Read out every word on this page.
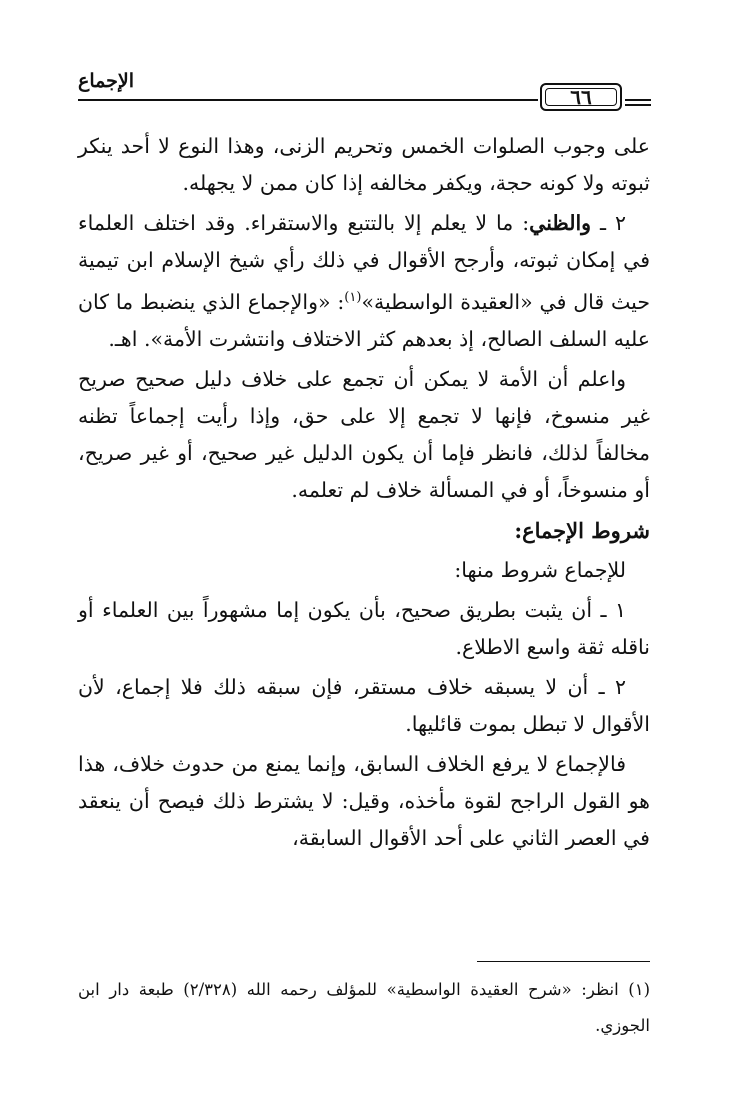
الإجماع
٦٦

على وجوب الصلوات الخمس وتحريم الزنى، وهذا النوع لا أحد ينكر ثبوته ولا كونه حجة، ويكفر مخالفه إذا كان ممن لا يجهله.

٢ ـ والظني: ما لا يعلم إلا بالتتبع والاستقراء. وقد اختلف العلماء في إمكان ثبوته، وأرجح الأقوال في ذلك رأي شيخ الإسلام ابن تيمية حيث قال في «العقيدة الواسطية»$^{(١)}$: «والإجماع الذي ينضبط ما كان عليه السلف الصالح، إذ بعدهم كثر الاختلاف وانتشرت الأمة». اهـ.

واعلم أن الأمة لا يمكن أن تجمع على خلاف دليل صحيح صريح غير منسوخ، فإنها لا تجمع إلا على حق، وإذا رأيت إجماعاً تظنه مخالفاً لذلك، فانظر فإما أن يكون الدليل غير صحيح، أو غير صريح، أو منسوخاً، أو في المسألة خلاف لم تعلمه.

شروط الإجماع:

للإجماع شروط منها:

١ ـ أن يثبت بطريق صحيح، بأن يكون إما مشهوراً بين العلماء أو ناقله ثقة واسع الاطلاع.

٢ ـ أن لا يسبقه خلاف مستقر، فإن سبقه ذلك فلا إجماع، لأن الأقوال لا تبطل بموت قائليها.

فالإجماع لا يرفع الخلاف السابق، وإنما يمنع من حدوث خلاف، هذا هو القول الراجح لقوة مأخذه، وقيل: لا يشترط ذلك فيصح أن ينعقد في العصر الثاني على أحد الأقوال السابقة،

(١) انظر: «شرح العقيدة الواسطية» للمؤلف رحمه الله (٢/٣٢٨) طبعة دار ابن الجوزي.
